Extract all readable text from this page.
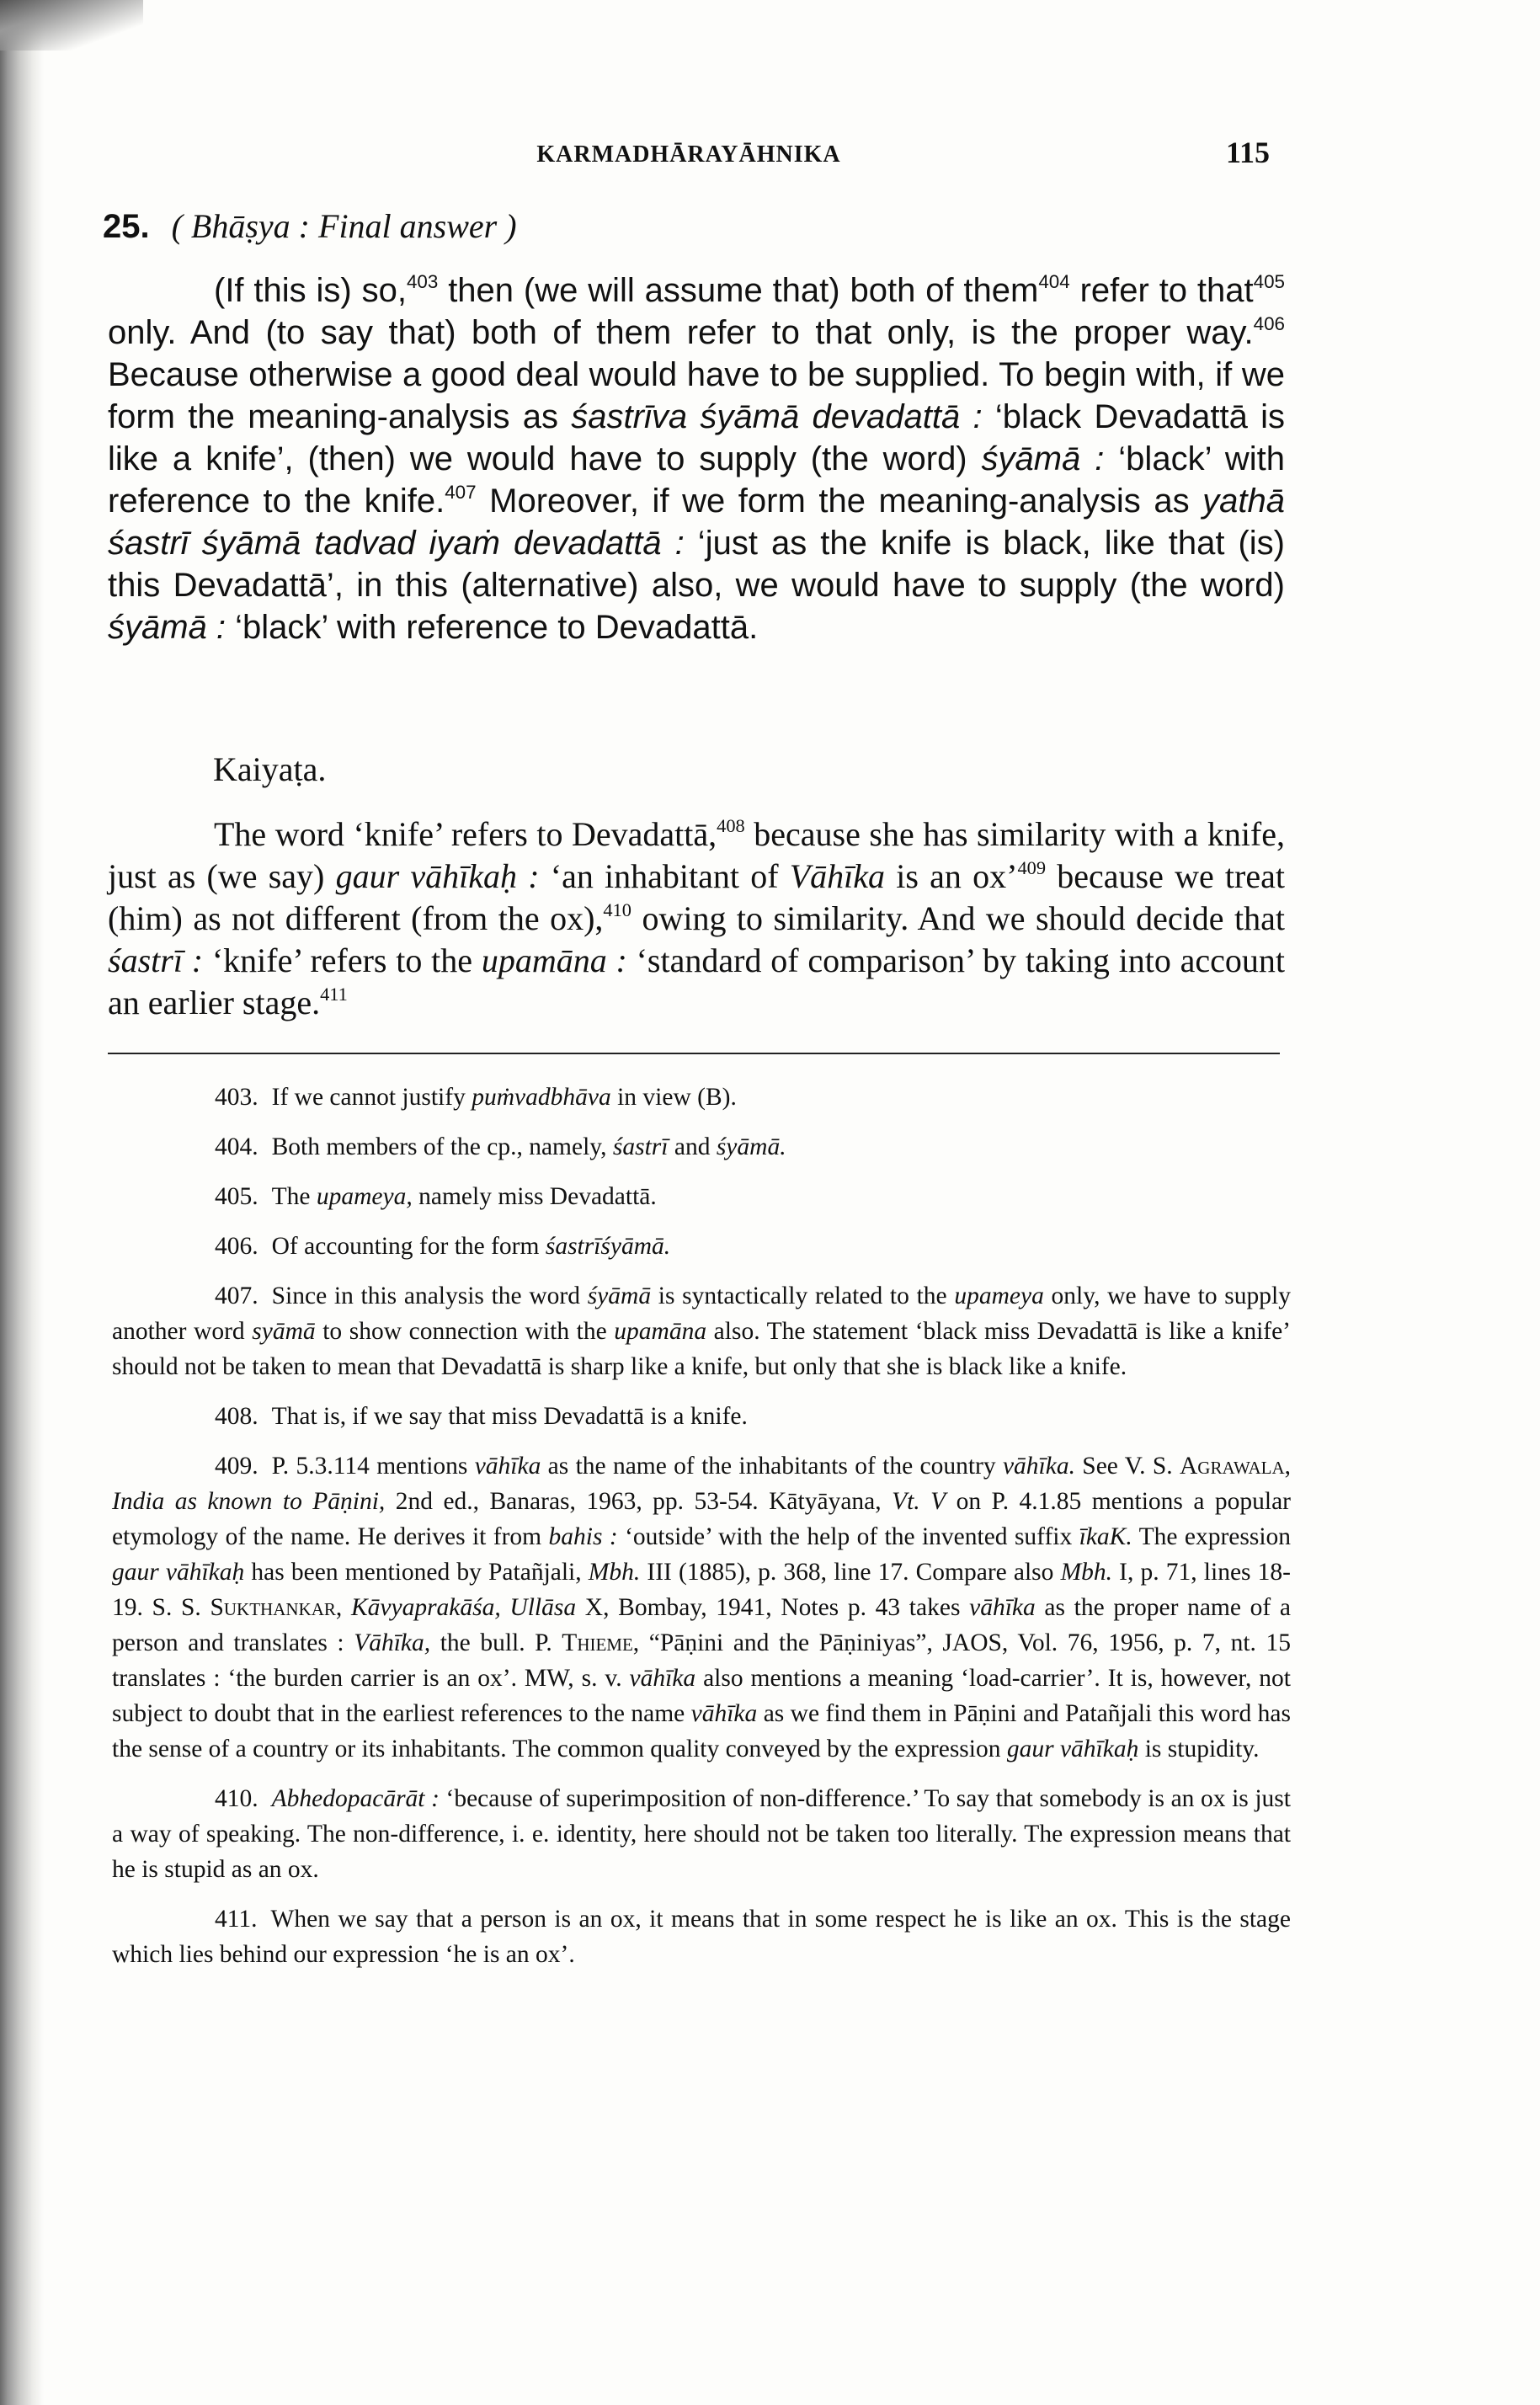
KARMADHĀRAYĀHNIKA	115
25. ( Bhāṣya : Final answer )

(If this is) so,$^{403}$ then (we will assume that) both of them$^{404}$ refer to that$^{405}$ only. And (to say that) both of them refer to that only, is the proper way.$^{406}$ Because otherwise a good deal would have to be supplied. To begin with, if we form the meaning-analysis as śastrīva śyāmā devadattā : ‘black Devadattā is like a knife’, (then) we would have to supply (the word) śyāmā : ‘black’ with reference to the knife.$^{407}$ Moreover, if we form the meaning-analysis as yathā śastrī śyāmā tadvad iyaṁ devadattā : ‘just as the knife is black, like that (is) this Devadattā’, in this (alternative) also, we would have to supply (the word) śyāmā : ‘black’ with reference to Devadattā.

Kaiyaṭa.

The word ‘knife’ refers to Devadattā,$^{408}$ because she has similarity with a knife, just as (we say) gaur vāhīkaḥ : ‘an inhabitant of Vāhīka is an ox’$^{409}$ because we treat (him) as not different (from the ox),$^{410}$ owing to similarity. And we should decide that śastrī : ‘knife’ refers to the upamāna : ‘standard of comparison’ by taking into account an earlier stage.$^{411}$

403. If we cannot justify puṁvadbhāva in view (B).

404. Both members of the cp., namely, śastrī and śyāmā.

405. The upameya, namely miss Devadattā.

406. Of accounting for the form śastrīśyāmā.

407. Since in this analysis the word śyāmā is syntactically related to the upameya only, we have to supply another word syāmā to show connection with the upamāna also. The statement ‘black miss Devadattā is like a knife’ should not be taken to mean that Devadattā is sharp like a knife, but only that she is black like a knife.

408. That is, if we say that miss Devadattā is a knife.

409. P. 5.3.114 mentions vāhīka as the name of the inhabitants of the country vāhīka. See V. S. Agrawala, India as known to Pāṇini, 2nd ed., Banaras, 1963, pp. 53-54. Kātyāyana, Vt. V on P. 4.1.85 mentions a popular etymology of the name. He derives it from bahis : ‘outside’ with the help of the invented suffix īkaK. The expression gaur vāhīkaḥ has been mentioned by Patañjali, Mbh. III (1885), p. 368, line 17. Compare also Mbh. I, p. 71, lines 18-19. S. S. Sukthankar, Kāvyaprakāśa, Ullāsa X, Bombay, 1941, Notes p. 43 takes vāhīka as the proper name of a person and translates : Vāhīka, the bull. P. Thieme, “Pāṇini and the Pāṇiniyas”, JAOS, Vol. 76, 1956, p. 7, nt. 15 translates : ‘the burden carrier is an ox’. MW, s. v. vāhīka also mentions a meaning ‘load-carrier’. It is, however, not subject to doubt that in the earliest references to the name vāhīka as we find them in Pāṇini and Patañjali this word has the sense of a country or its inhabitants. The common quality conveyed by the expression gaur vāhīkaḥ is stupidity.

410. Abhedopacārāt : ‘because of superimposition of non-difference.’ To say that somebody is an ox is just a way of speaking. The non-difference, i. e. identity, here should not be taken too literally. The expression means that he is stupid as an ox.

411. When we say that a person is an ox, it means that in some respect he is like an ox. This is the stage which lies behind our expression ‘he is an ox’.
